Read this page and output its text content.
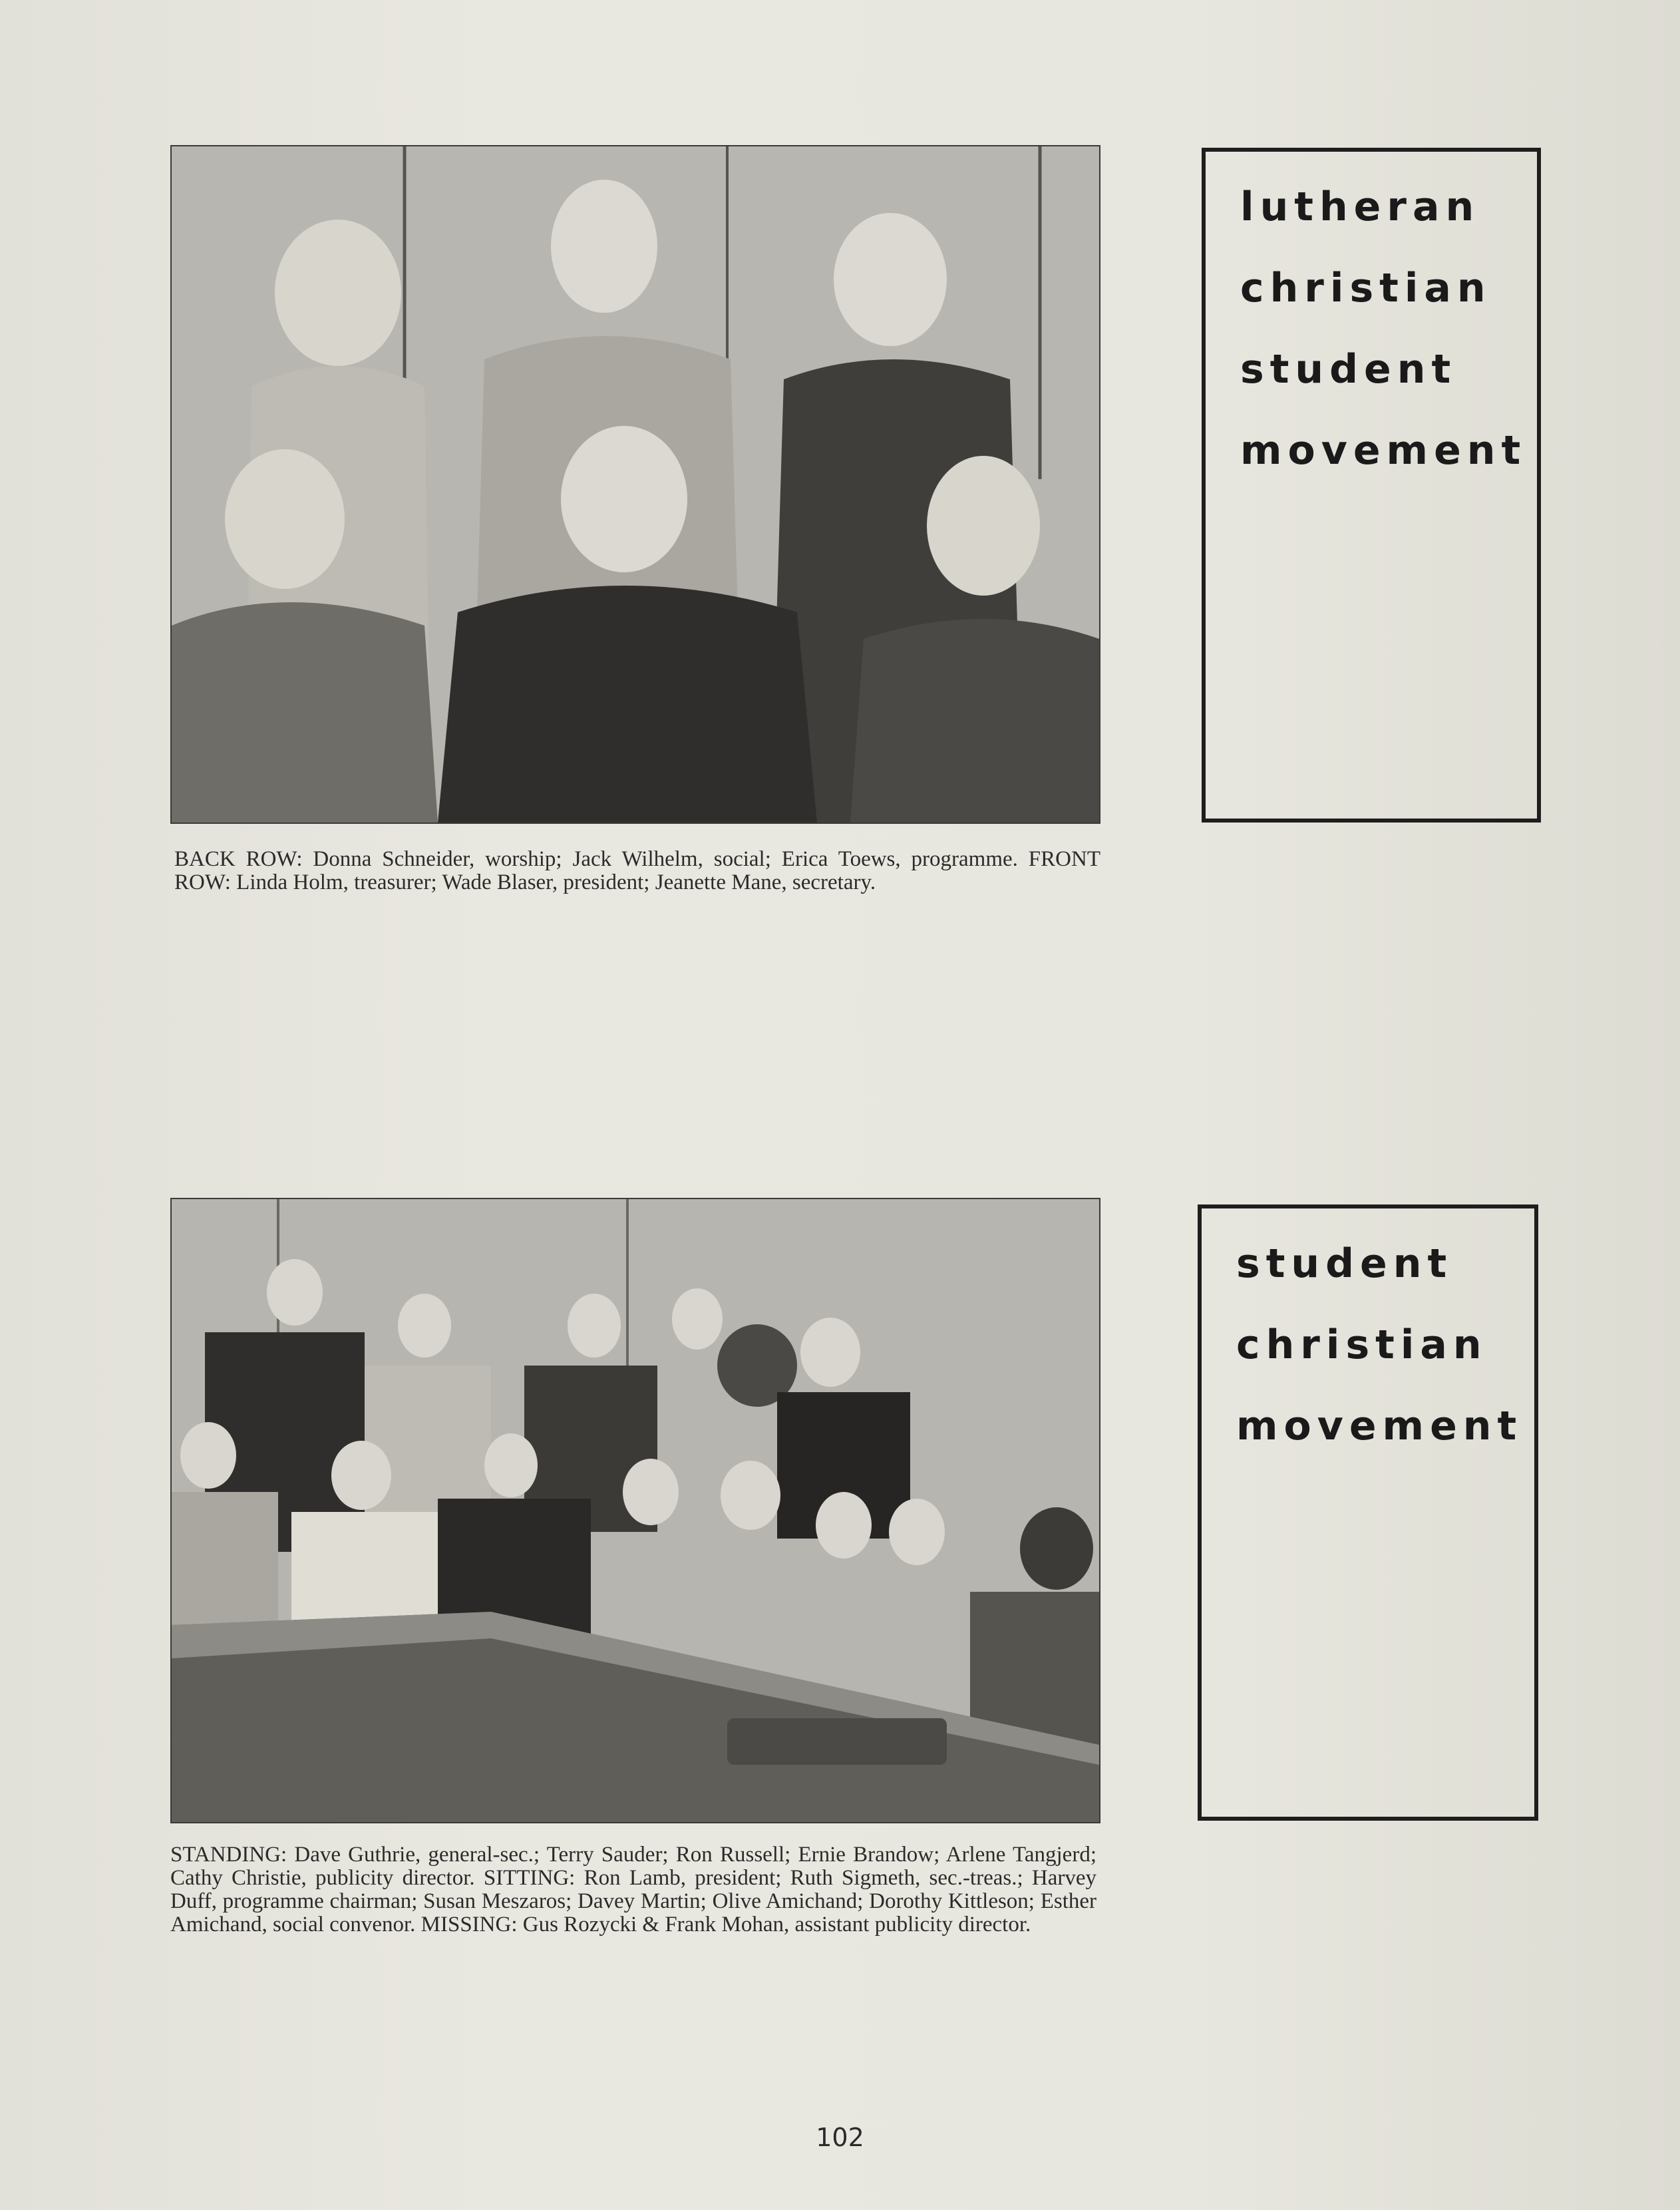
BACK ROW: Donna Schneider, worship; Jack Wilhelm, social; Erica Toews, programme. FRONT ROW: Linda Holm, treasurer; Wade Blaser, president; Jeanette Mane, secretary.

lutheran
christian
student
movement

STANDING: Dave Guthrie, general-sec.; Terry Sauder; Ron Russell; Ernie Brandow; Arlene Tangjerd; Cathy Christie, publicity director. SITTING: Ron Lamb, president; Ruth Sigmeth, sec.-treas.; Harvey Duff, programme chairman; Susan Meszaros; Davey Martin; Olive Amichand; Dorothy Kittleson; Esther Amichand, social convenor. MISSING: Gus Rozycki & Frank Mohan, assistant publicity director.

student
christian
movement
102
